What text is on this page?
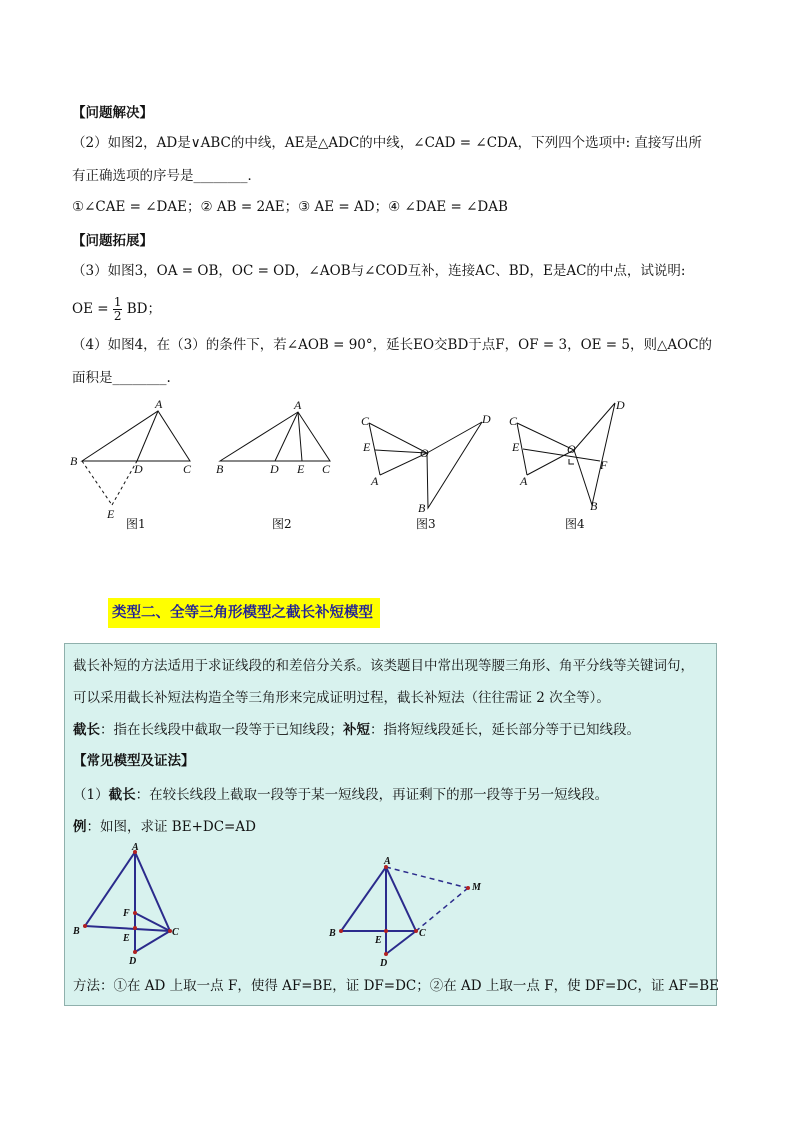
【问题解决】
（2）如图2，AD是∨ABC的中线，AE是△ADC的中线，∠CAD = ∠CDA，下列四个选项中: 直接写出所
有正确选项的序号是________．
①∠CAE = ∠DAE；② AB = 2AE；③ AE = AD；④ ∠DAE = ∠DAB
【问题拓展】
（3）如图3，OA = OB，OC = OD，∠AOB与∠COD互补，连接AC、BD，E是AC的中点，试说明:
OE = $\frac{1}{2}$ BD；
（4）如图4，在（3）的条件下，若∠AOB = 90°，延长EO交BD于点F，OF = 3，OE = 5，则△AOC的
面积是________.
A
B
D	C
E
A
B	D E C
C
E
A
O
B
D C
E
A
O
F
B
D
图1	图2	图3	图4
类型二、全等三角形模型之截长补短模型
截长补短的方法适用于求证线段的和差倍分关系。该类题目中常出现等腰三角形、角平分线等关键词句，
可以采用截长补短法构造全等三角形来完成证明过程，截长补短法（往往需证 2 次全等）。
截长：指在长线段中截取一段等于已知线段；补短：指将短线段延长，延长部分等于已知线段。
【常见模型及证法】
（1）截长：在较长线段上截取一段等于某一短线段，再证剩下的那一段等于另一短线段。
例：如图，求证 BE+DC=AD
A
F
B
E
C
D
A
M
B
E
C
D
方法：①在 AD 上取一点 F，使得 AF=BE，证 DF=DC；②在 AD 上取一点 F，使 DF=DC，证 AF=BE
